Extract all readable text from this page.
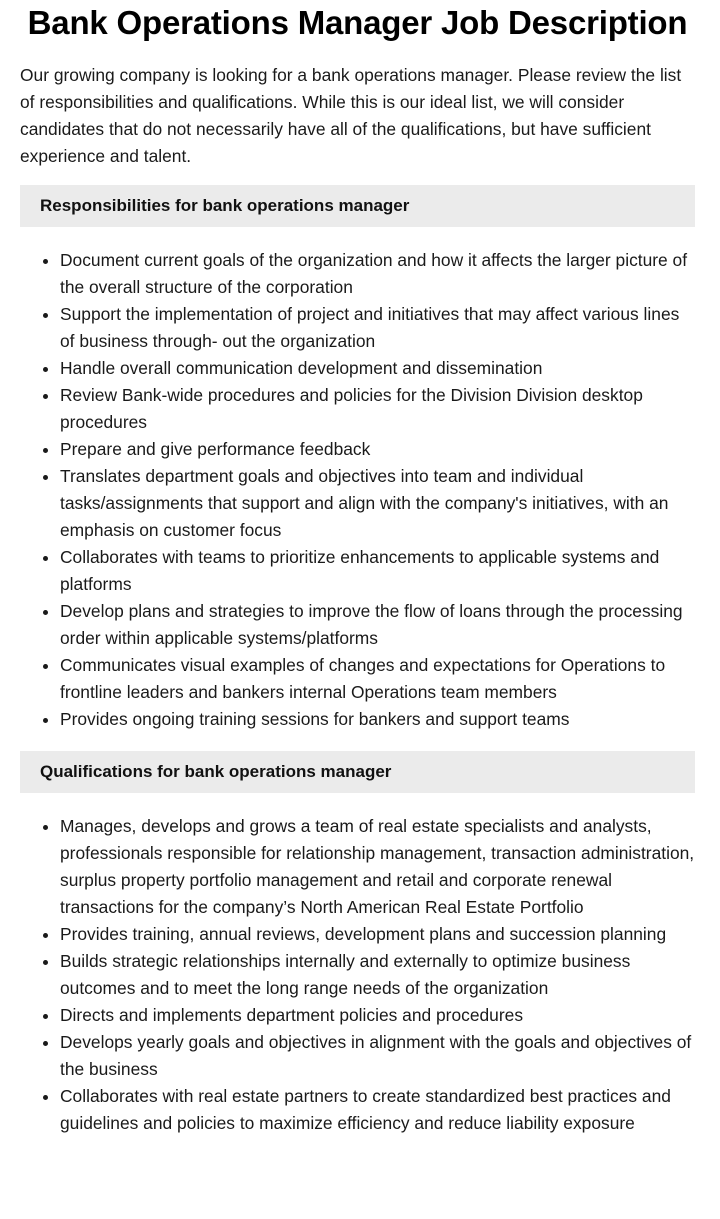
Bank Operations Manager Job Description

Our growing company is looking for a bank operations manager. Please review the list of responsibilities and qualifications. While this is our ideal list, we will consider candidates that do not necessarily have all of the qualifications, but have sufficient experience and talent.

Responsibilities for bank operations manager
• Document current goals of the organization and how it affects the larger picture of the overall structure of the corporation
• Support the implementation of project and initiatives that may affect various lines of business through- out the organization
• Handle overall communication development and dissemination
• Review Bank-wide procedures and policies for the Division Division desktop procedures
• Prepare and give performance feedback
• Translates department goals and objectives into team and individual tasks/assignments that support and align with the company's initiatives, with an emphasis on customer focus
• Collaborates with teams to prioritize enhancements to applicable systems and platforms
• Develop plans and strategies to improve the flow of loans through the processing order within applicable systems/platforms
• Communicates visual examples of changes and expectations for Operations to frontline leaders and bankers internal Operations team members
• Provides ongoing training sessions for bankers and support teams
Qualifications for bank operations manager
• Manages, develops and grows a team of real estate specialists and analysts, professionals responsible for relationship management, transaction administration, surplus property portfolio management and retail and corporate renewal transactions for the company’s North American Real Estate Portfolio
• Provides training, annual reviews, development plans and succession planning
• Builds strategic relationships internally and externally to optimize business outcomes and to meet the long range needs of the organization
• Directs and implements department policies and procedures
• Develops yearly goals and objectives in alignment with the goals and objectives of the business
• Collaborates with real estate partners to create standardized best practices and guidelines and policies to maximize efficiency and reduce liability exposure
